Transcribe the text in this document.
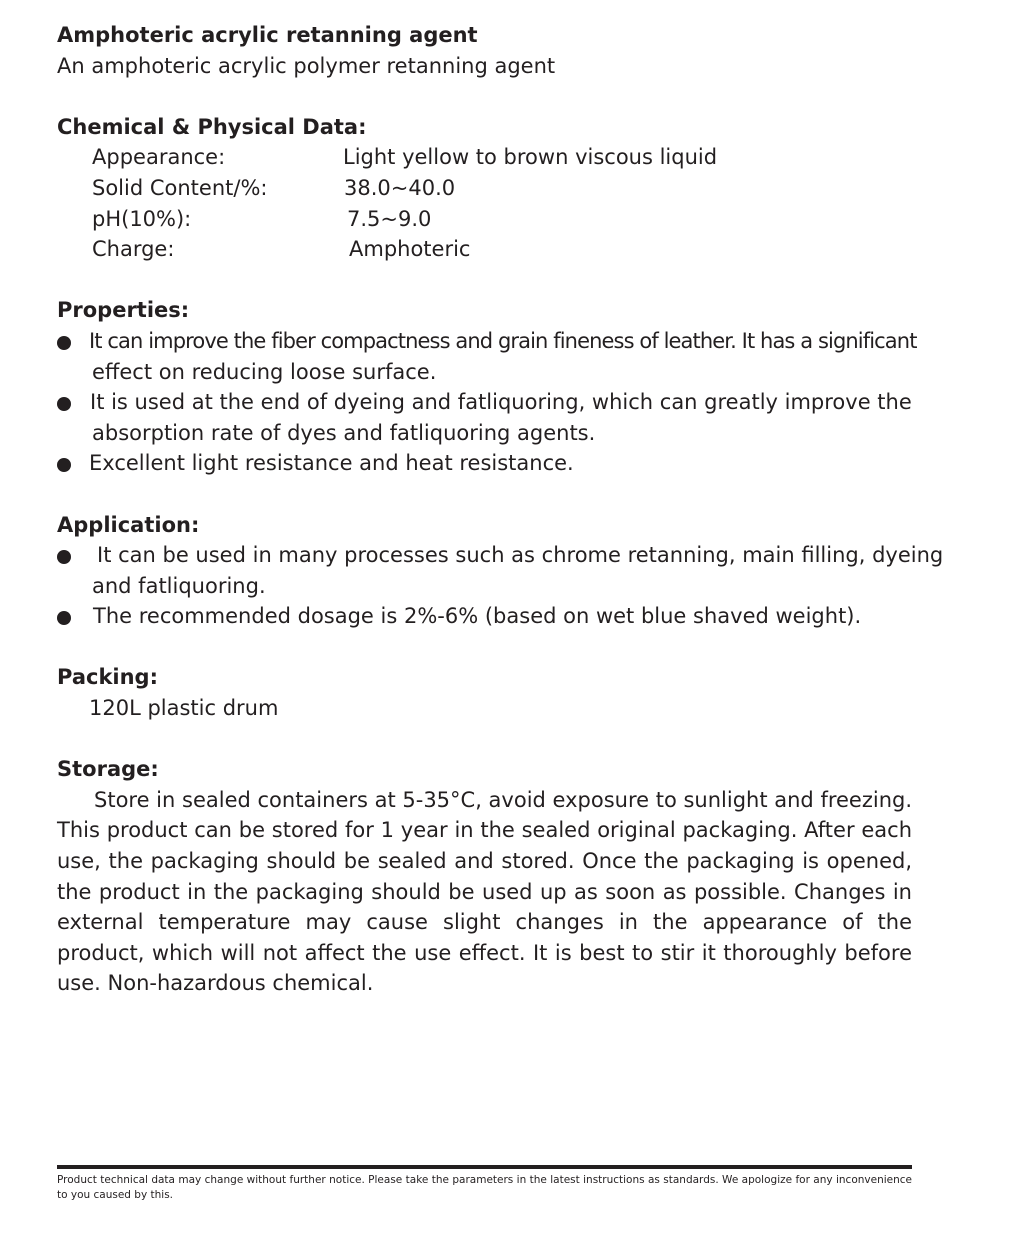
Amphoteric acrylic retanning agent
An amphoteric acrylic polymer retanning agent
Chemical & Physical Data:
Appearance:	Light yellow to brown viscous liquid
Solid Content/%:	38.0~40.0
pH(10%):	7.5~9.0
Charge:	Amphoteric
Properties:
It can improve the fiber compactness and grain fineness of leather. It has a significant
effect on reducing loose surface.
It is used at the end of dyeing and fatliquoring, which can greatly improve the
absorption rate of dyes and fatliquoring agents.
Excellent light resistance and heat resistance.
Application:
It can be used in many processes such as chrome retanning, main filling, dyeing
and fatliquoring.
The recommended dosage is 2%-6% (based on wet blue shaved weight).
Packing:
120L plastic drum
Storage:

Store in sealed containers at 5-35°C, avoid exposure to sunlight and freezing. This product can be stored for 1 year in the sealed original packaging. After each use, the packaging should be sealed and stored. Once the packaging is opened, the product in the packaging should be used up as soon as possible. Changes in external temperature may cause slight changes in the appearance of the product, which will not affect the use effect. It is best to stir it thoroughly before use. Non-hazardous chemical.

Product technical data may change without further notice. Please take the parameters in the latest instructions as standards. We apologize for any inconvenience to you caused by this.
